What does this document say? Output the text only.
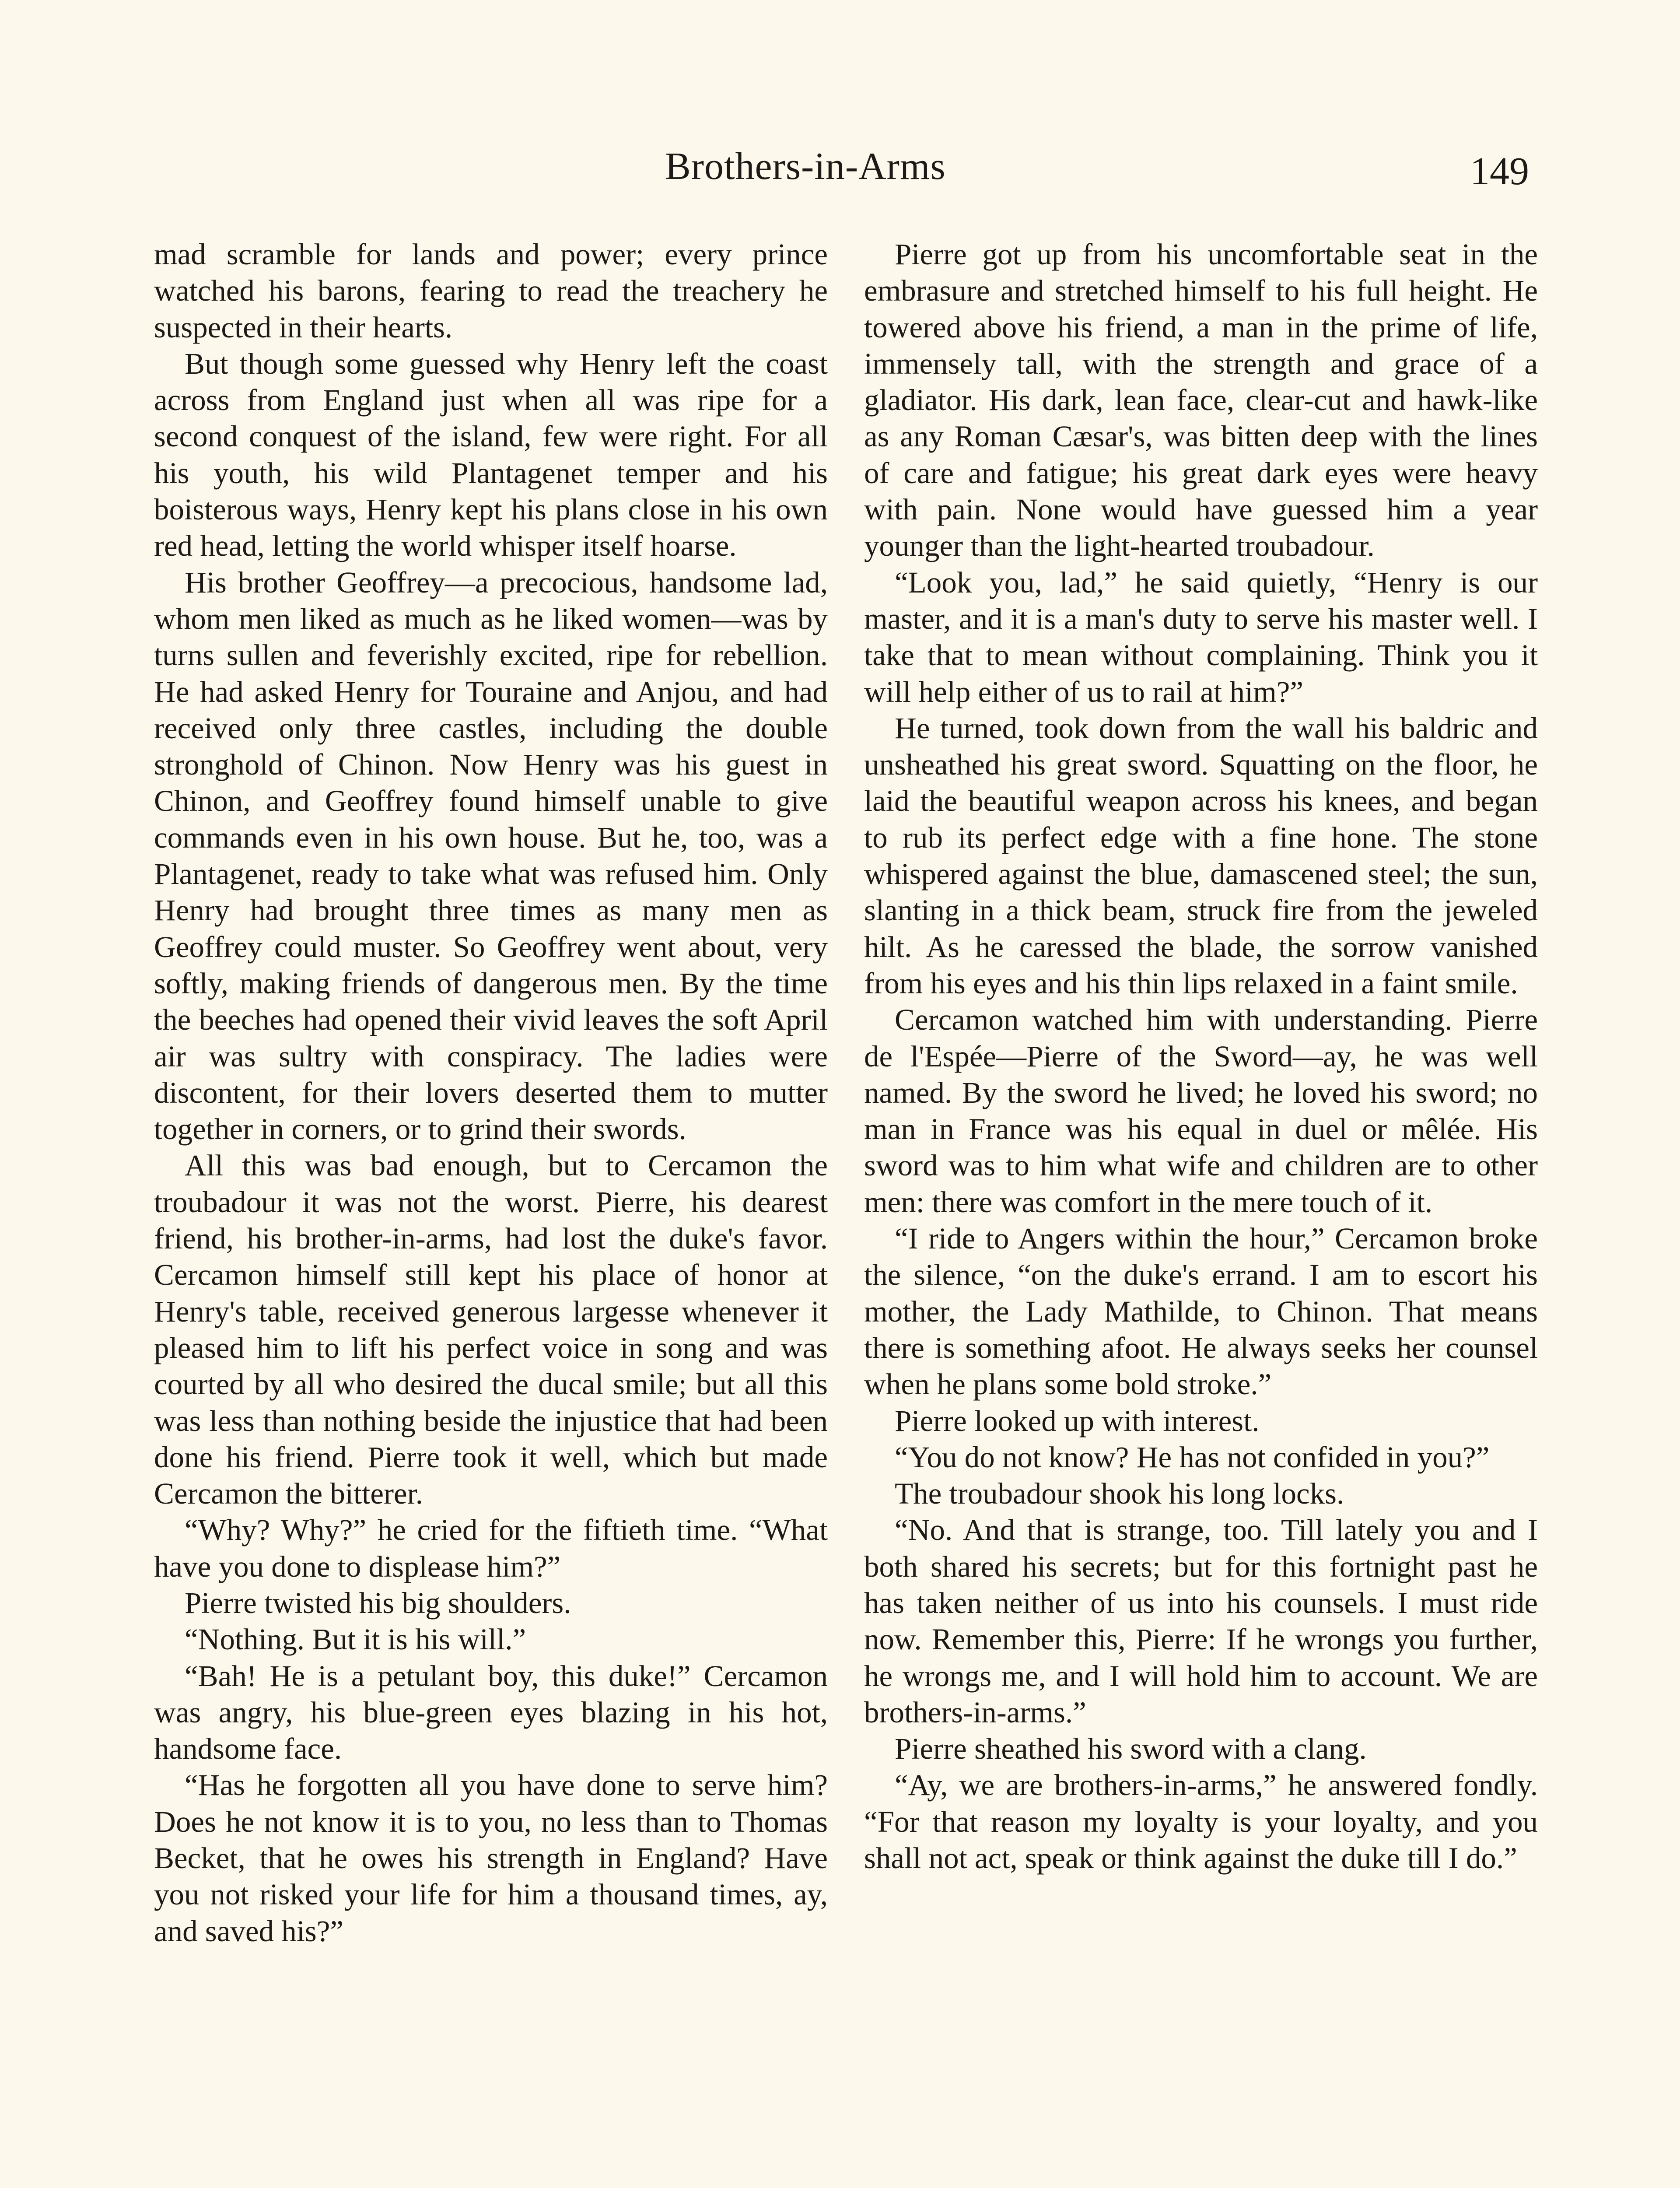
Brothers-in-Arms	149

mad scramble for lands and power; every prince watched his barons, fearing to read the treachery he suspected in their hearts.

But though some guessed why Henry left the coast across from England just when all was ripe for a second conquest of the island, few were right. For all his youth, his wild Plantagenet temper and his boisterous ways, Henry kept his plans close in his own red head, letting the world whisper itself hoarse.

His brother Geoffrey—a precocious, handsome lad, whom men liked as much as he liked women—was by turns sullen and feverishly excited, ripe for rebellion. He had asked Henry for Touraine and Anjou, and had received only three castles, including the double stronghold of Chinon. Now Henry was his guest in Chinon, and Geoffrey found himself unable to give commands even in his own house. But he, too, was a Plantagenet, ready to take what was refused him. Only Henry had brought three times as many men as Geoffrey could muster. So Geoffrey went about, very softly, making friends of dangerous men. By the time the beeches had opened their vivid leaves the soft April air was sultry with conspiracy. The ladies were discontent, for their lovers deserted them to mutter together in corners, or to grind their swords.

All this was bad enough, but to Cercamon the troubadour it was not the worst. Pierre, his dearest friend, his brother-in-arms, had lost the duke's favor. Cercamon himself still kept his place of honor at Henry's table, received generous largesse whenever it pleased him to lift his perfect voice in song and was courted by all who desired the ducal smile; but all this was less than nothing beside the injustice that had been done his friend. Pierre took it well, which but made Cercamon the bitterer.

“Why? Why?” he cried for the fiftieth time. “What have you done to displease him?”

Pierre twisted his big shoulders.

“Nothing. But it is his will.”

“Bah! He is a petulant boy, this duke!” Cercamon was angry, his blue-green eyes blazing in his hot, handsome face.

“Has he forgotten all you have done to serve him? Does he not know it is to you, no less than to Thomas Becket, that he owes his strength in England? Have you not risked your life for him a thousand times, ay, and saved his?”

Pierre got up from his uncomfortable seat in the embrasure and stretched himself to his full height. He towered above his friend, a man in the prime of life, immensely tall, with the strength and grace of a gladiator. His dark, lean face, clear-cut and hawk-like as any Roman Cæsar's, was bitten deep with the lines of care and fatigue; his great dark eyes were heavy with pain. None would have guessed him a year younger than the light-hearted troubadour.

“Look you, lad,” he said quietly, “Henry is our master, and it is a man's duty to serve his master well. I take that to mean without complaining. Think you it will help either of us to rail at him?”

He turned, took down from the wall his baldric and unsheathed his great sword. Squatting on the floor, he laid the beautiful weapon across his knees, and began to rub its perfect edge with a fine hone. The stone whispered against the blue, damascened steel; the sun, slanting in a thick beam, struck fire from the jeweled hilt. As he caressed the blade, the sorrow vanished from his eyes and his thin lips relaxed in a faint smile.

Cercamon watched him with understanding. Pierre de l'Espée—Pierre of the Sword—ay, he was well named. By the sword he lived; he loved his sword; no man in France was his equal in duel or mêlée. His sword was to him what wife and children are to other men: there was comfort in the mere touch of it.

“I ride to Angers within the hour,” Cercamon broke the silence, “on the duke's errand. I am to escort his mother, the Lady Mathilde, to Chinon. That means there is something afoot. He always seeks her counsel when he plans some bold stroke.”

Pierre looked up with interest.

“You do not know? He has not confided in you?”

The troubadour shook his long locks.

“No. And that is strange, too. Till lately you and I both shared his secrets; but for this fortnight past he has taken neither of us into his counsels. I must ride now. Remember this, Pierre: If he wrongs you further, he wrongs me, and I will hold him to account. We are brothers-in-arms.”

Pierre sheathed his sword with a clang.

“Ay, we are brothers-in-arms,” he answered fondly. “For that reason my loyalty is your loyalty, and you shall not act, speak or think against the duke till I do.”
